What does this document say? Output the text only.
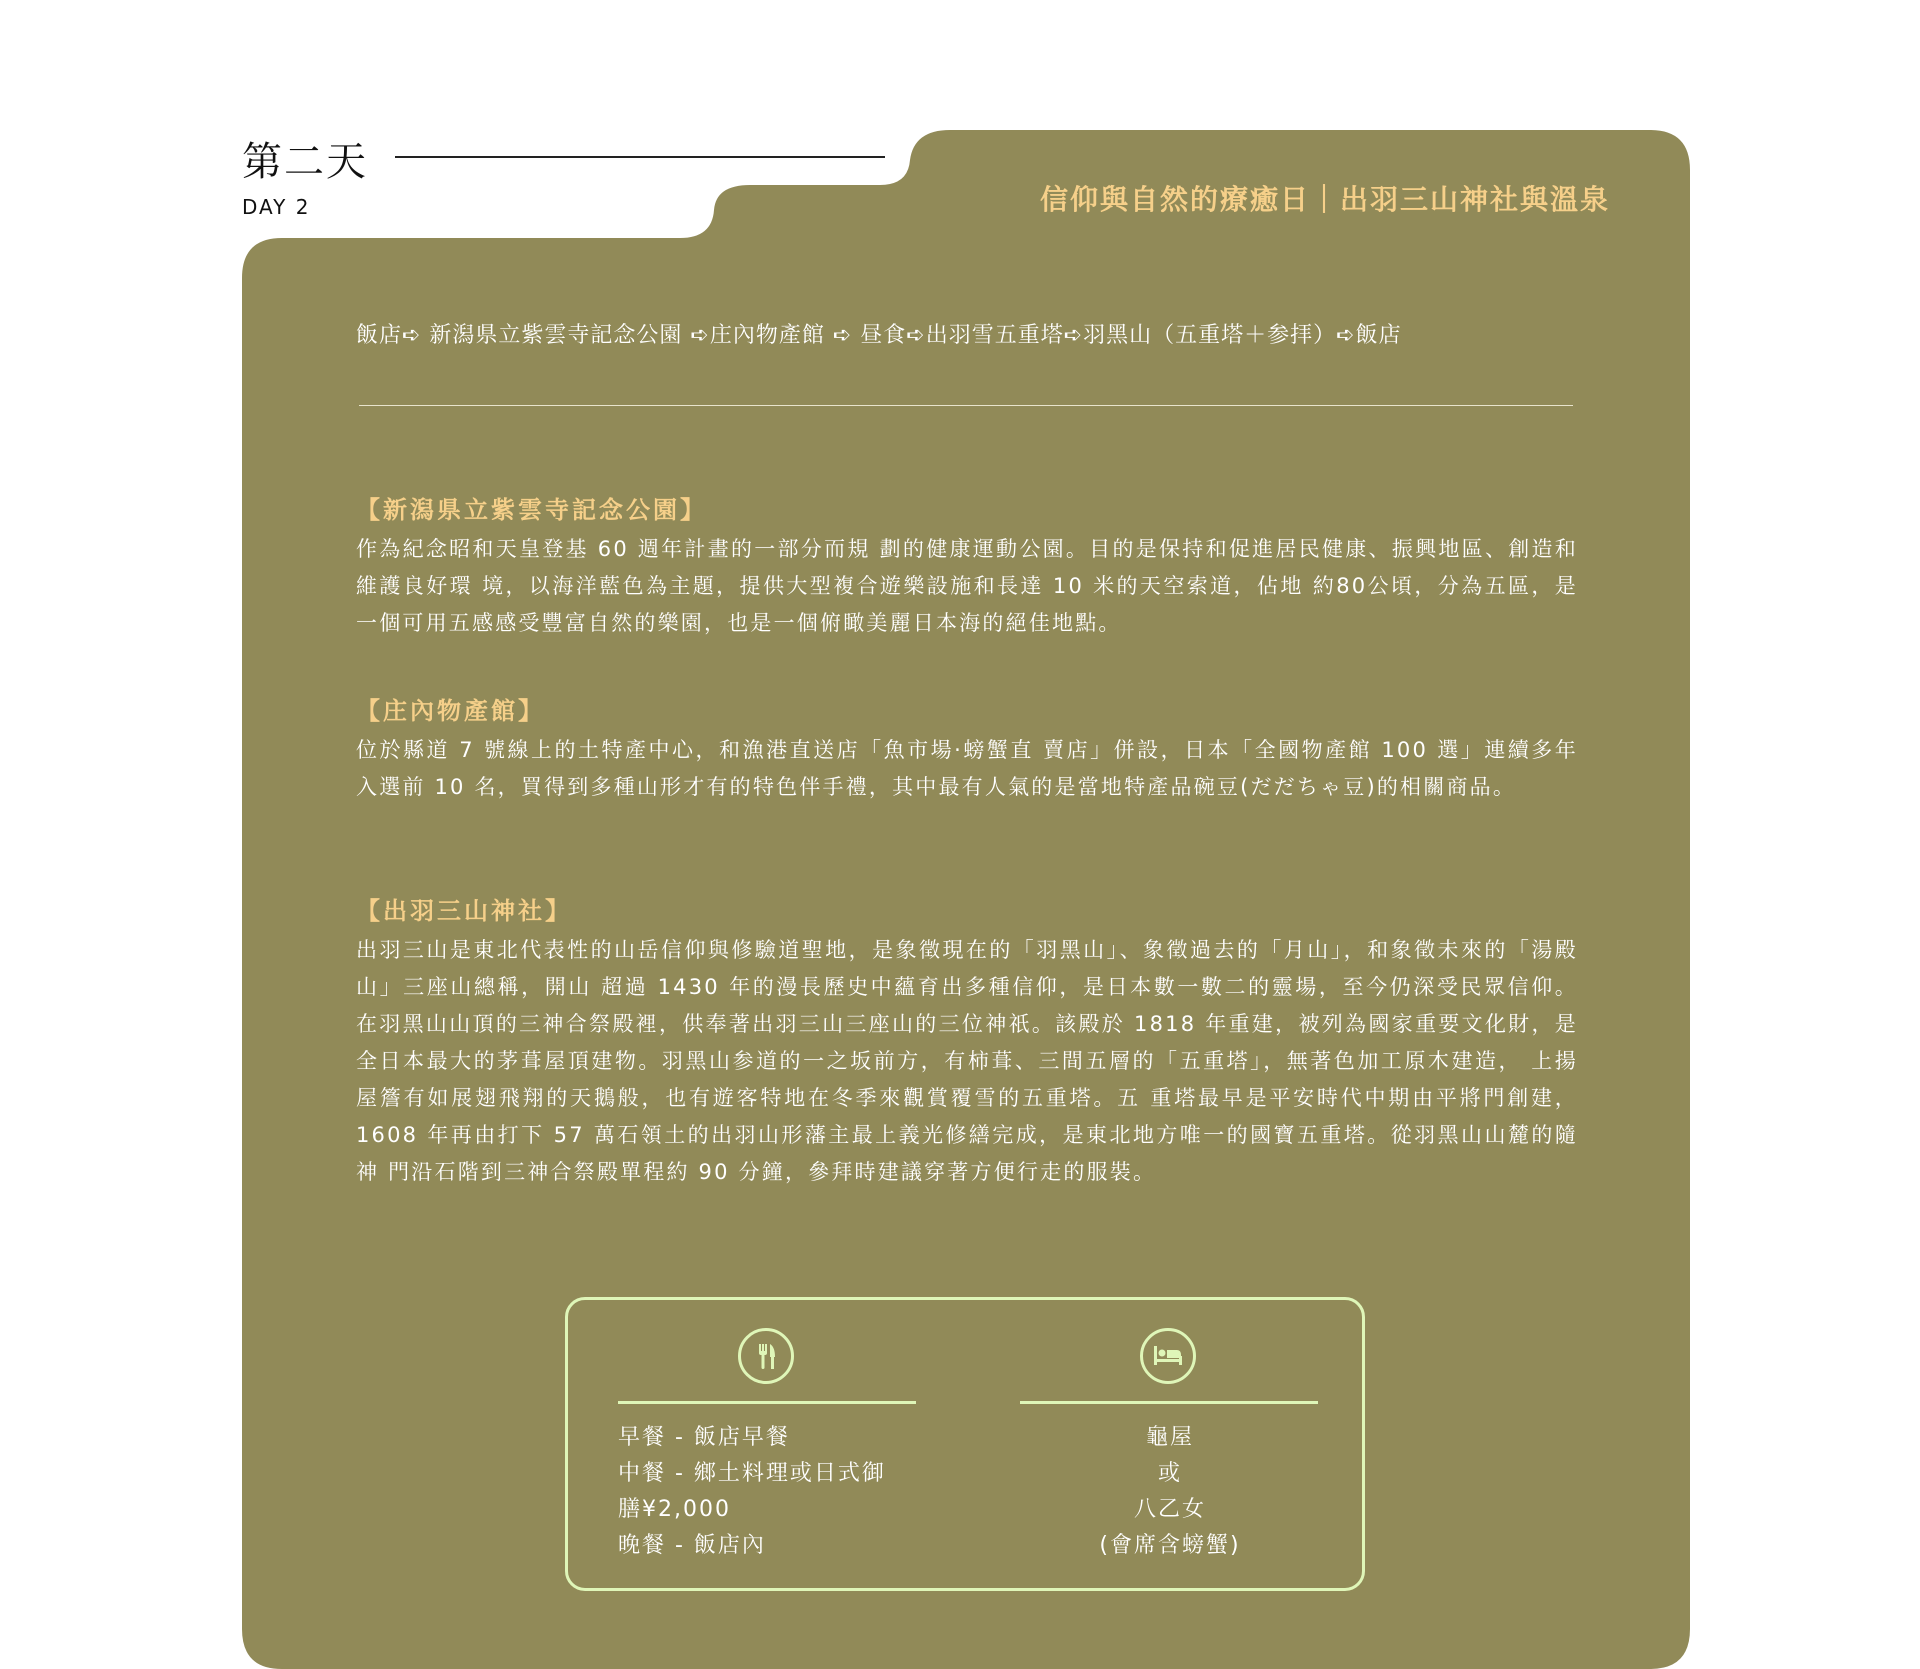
第二天
DAY 2	信仰與自然的療癒日｜出羽三山神社與溫泉
飯店➪ 新潟県立紫雲寺記念公園 ➪庄內物產館 ➪ 昼食➪出羽雪五重塔➪羽黑山（五重塔＋参拝）➪飯店
【新潟県立紫雲寺記念公園】
作為紀念昭和天皇登基 60 週年計畫的一部分而規 劃的健康運動公園。目的是保持和促進居民健康、振興地區、創造和維護良好環 境，以海洋藍色為主題，提供大型複合遊樂設施和長達 10 米的天空索道，佔地 約80公頃，分為五區，是一個可用五感感受豐富自然的樂園，也是一個俯瞰美麗日本海的絕佳地點。
【庄內物產館】
位於縣道 7 號線上的土特產中心，和漁港直送店「魚市場·螃蟹直 賣店」併設，日本「全國物產館 100 選」連續多年入選前 10 名，買得到多種山形才有的特色伴手禮，其中最有人氣的是當地特產品碗豆(だだちゃ豆)的相關商品。
【出羽三山神社】
出羽三山是東北代表性的山岳信仰與修驗道聖地，是象徵現在的「羽黑山」、象徵過去的「月山」，和象徵未來的「湯殿山」三座山總稱，開山 超過 1430 年的漫長歷史中蘊育出多種信仰，是日本數一數二的靈場，至今仍深受民眾信仰。在羽黑山山頂的三神合祭殿裡，供奉著出羽三山三座山的三位神祇。該殿於 1818 年重建，被列為國家重要文化財，是全日本最大的茅葺屋頂建物。羽黑山参道的一之坂前方，有柿葺、三間五層的「五重塔」，無著色加工原木建造， 上揚屋簷有如展翅飛翔的天鵝般，也有遊客特地在冬季來觀賞覆雪的五重塔。五 重塔最早是平安時代中期由平將門創建，1608 年再由打下 57 萬石領土的出羽山形藩主最上義光修繕完成，是東北地方唯一的國寶五重塔。從羽黑山山麓的隨神 門沿石階到三神合祭殿單程約 90 分鐘，參拜時建議穿著方便行走的服裝。
早餐 - 飯店早餐
中餐 - 鄉土料理或日式御
膳¥2,000
晚餐 - 飯店內
龜屋
或
八乙女
(會席含螃蟹)
